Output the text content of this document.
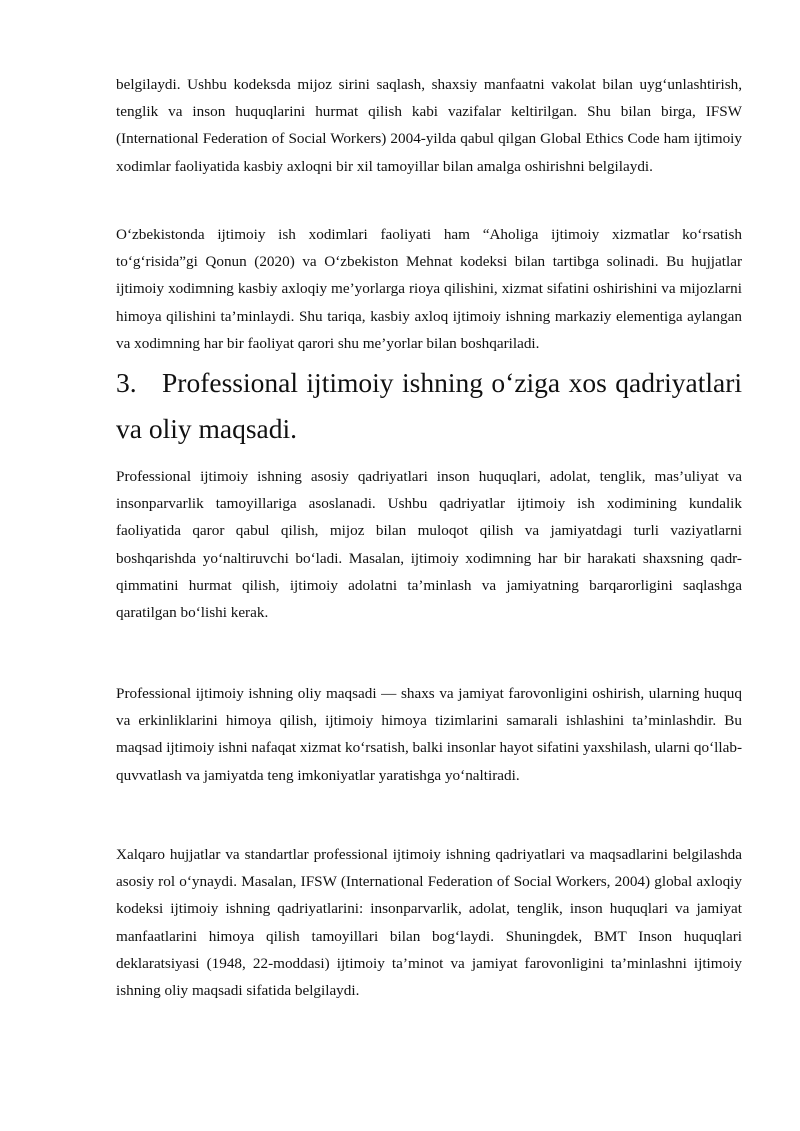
belgilaydi. Ushbu kodeksda mijoz sirini saqlash, shaxsiy manfaatni vakolat bilan uyg‘unlashtirish, tenglik va inson huquqlarini hurmat qilish kabi vazifalar keltirilgan. Shu bilan birga, IFSW (International Federation of Social Workers) 2004-yilda qabul qilgan Global Ethics Code ham ijtimoiy xodimlar faoliyatida kasbiy axloqni bir xil tamoyillar bilan amalga oshirishni belgilaydi.

O‘zbekistonda ijtimoiy ish xodimlari faoliyati ham “Aholiga ijtimoiy xizmatlar ko‘rsatish to‘g‘risida”gi Qonun (2020) va O‘zbekiston Mehnat kodeksi bilan tartibga solinadi. Bu hujjatlar ijtimoiy xodimning kasbiy axloqiy me’yorlarga rioya qilishini, xizmat sifatini oshirishini va mijozlarni himoya qilishini ta’minlaydi. Shu tariqa, kasbiy axloq ijtimoiy ishning markaziy elementiga aylangan va xodimning har bir faoliyat qarori shu me’yorlar bilan boshqariladi.

3. Professional ijtimoiy ishning o‘ziga xos qadriyatlari va oliy maqsadi.

Professional ijtimoiy ishning asosiy qadriyatlari inson huquqlari, adolat, tenglik, mas’uliyat va insonparvarlik tamoyillariga asoslanadi. Ushbu qadriyatlar ijtimoiy ish xodimining kundalik faoliyatida qaror qabul qilish, mijoz bilan muloqot qilish va jamiyatdagi turli vaziyatlarni boshqarishda yo‘naltiruvchi bo‘ladi. Masalan, ijtimoiy xodimning har bir harakati shaxsning qadr-qimmatini hurmat qilish, ijtimoiy adolatni ta’minlash va jamiyatning barqarorligini saqlashga qaratilgan bo‘lishi kerak.

Professional ijtimoiy ishning oliy maqsadi — shaxs va jamiyat farovonligini oshirish, ularning huquq va erkinliklarini himoya qilish, ijtimoiy himoya tizimlarini samarali ishlashini ta’minlashdir. Bu maqsad ijtimoiy ishni nafaqat xizmat ko‘rsatish, balki insonlar hayot sifatini yaxshilash, ularni qo‘llab-quvvatlash va jamiyatda teng imkoniyatlar yaratishga yo‘naltiradi.

Xalqaro hujjatlar va standartlar professional ijtimoiy ishning qadriyatlari va maqsadlarini belgilashda asosiy rol o‘ynaydi. Masalan, IFSW (International Federation of Social Workers, 2004) global axloqiy kodeksi ijtimoiy ishning qadriyatlarini: insonparvarlik, adolat, tenglik, inson huquqlari va jamiyat manfaatlarini himoya qilish tamoyillari bilan bog‘laydi. Shuningdek, BMT Inson huquqlari deklaratsiyasi (1948, 22-moddasi) ijtimoiy ta’minot va jamiyat farovonligini ta’minlashni ijtimoiy ishning oliy maqsadi sifatida belgilaydi.
